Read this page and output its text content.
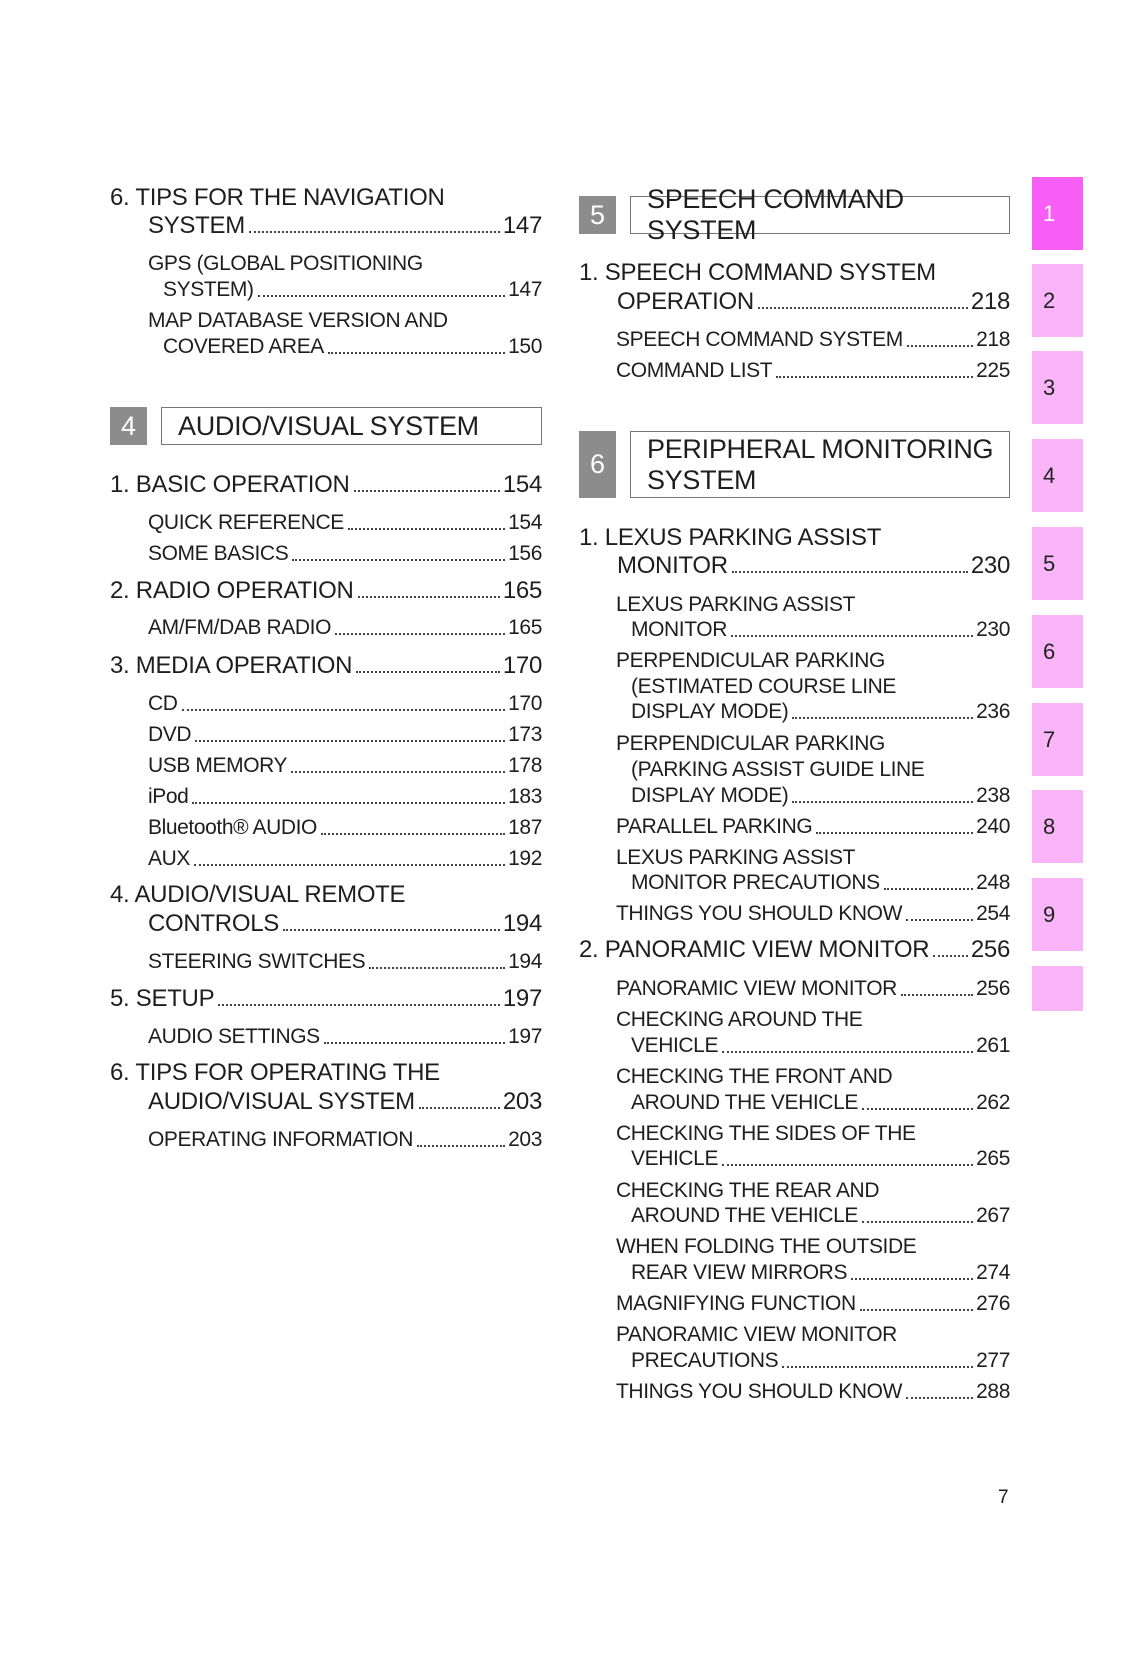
6. TIPS FOR THE NAVIGATION
SYSTEM	147
GPS (GLOBAL POSITIONING
SYSTEM)	147
MAP DATABASE VERSION AND
COVERED AREA	150
4	AUDIO/VISUAL SYSTEM
1. BASIC OPERATION	154
QUICK REFERENCE	154
SOME BASICS	156
2. RADIO OPERATION	165
AM/FM/DAB RADIO	165
3. MEDIA OPERATION	170
CD	170
DVD	173
USB MEMORY	178
iPod	183
Bluetooth® AUDIO	187
AUX	192
4. AUDIO/VISUAL REMOTE
CONTROLS	194
STEERING SWITCHES	194
5. SETUP	197
AUDIO SETTINGS	197
6. TIPS FOR OPERATING THE
AUDIO/VISUAL SYSTEM	203
OPERATING INFORMATION	203
5
SPEECH COMMAND SYSTEM
1. SPEECH COMMAND SYSTEM
OPERATION	218
SPEECH COMMAND SYSTEM	218
COMMAND LIST	225
6
PERIPHERAL MONITORING
SYSTEM
1. LEXUS PARKING ASSIST
MONITOR	230
LEXUS PARKING ASSIST
MONITOR	230
PERPENDICULAR PARKING
(ESTIMATED COURSE LINE
DISPLAY MODE)	236
PERPENDICULAR PARKING
(PARKING ASSIST GUIDE LINE
DISPLAY MODE)	238
PARALLEL PARKING	240
LEXUS PARKING ASSIST
MONITOR PRECAUTIONS	248
THINGS YOU SHOULD KNOW	254
2. PANORAMIC VIEW MONITOR 256
PANORAMIC VIEW MONITOR	256
CHECKING AROUND THE
VEHICLE	261
CHECKING THE FRONT AND
AROUND THE VEHICLE	262
CHECKING THE SIDES OF THE
VEHICLE	265
CHECKING THE REAR AND
AROUND THE VEHICLE	267
WHEN FOLDING THE OUTSIDE
REAR VIEW MIRRORS	274
MAGNIFYING FUNCTION	276
PANORAMIC VIEW MONITOR
PRECAUTIONS	277
THINGS YOU SHOULD KNOW	288
1
2
3
4
5
6
7
8
9
7
